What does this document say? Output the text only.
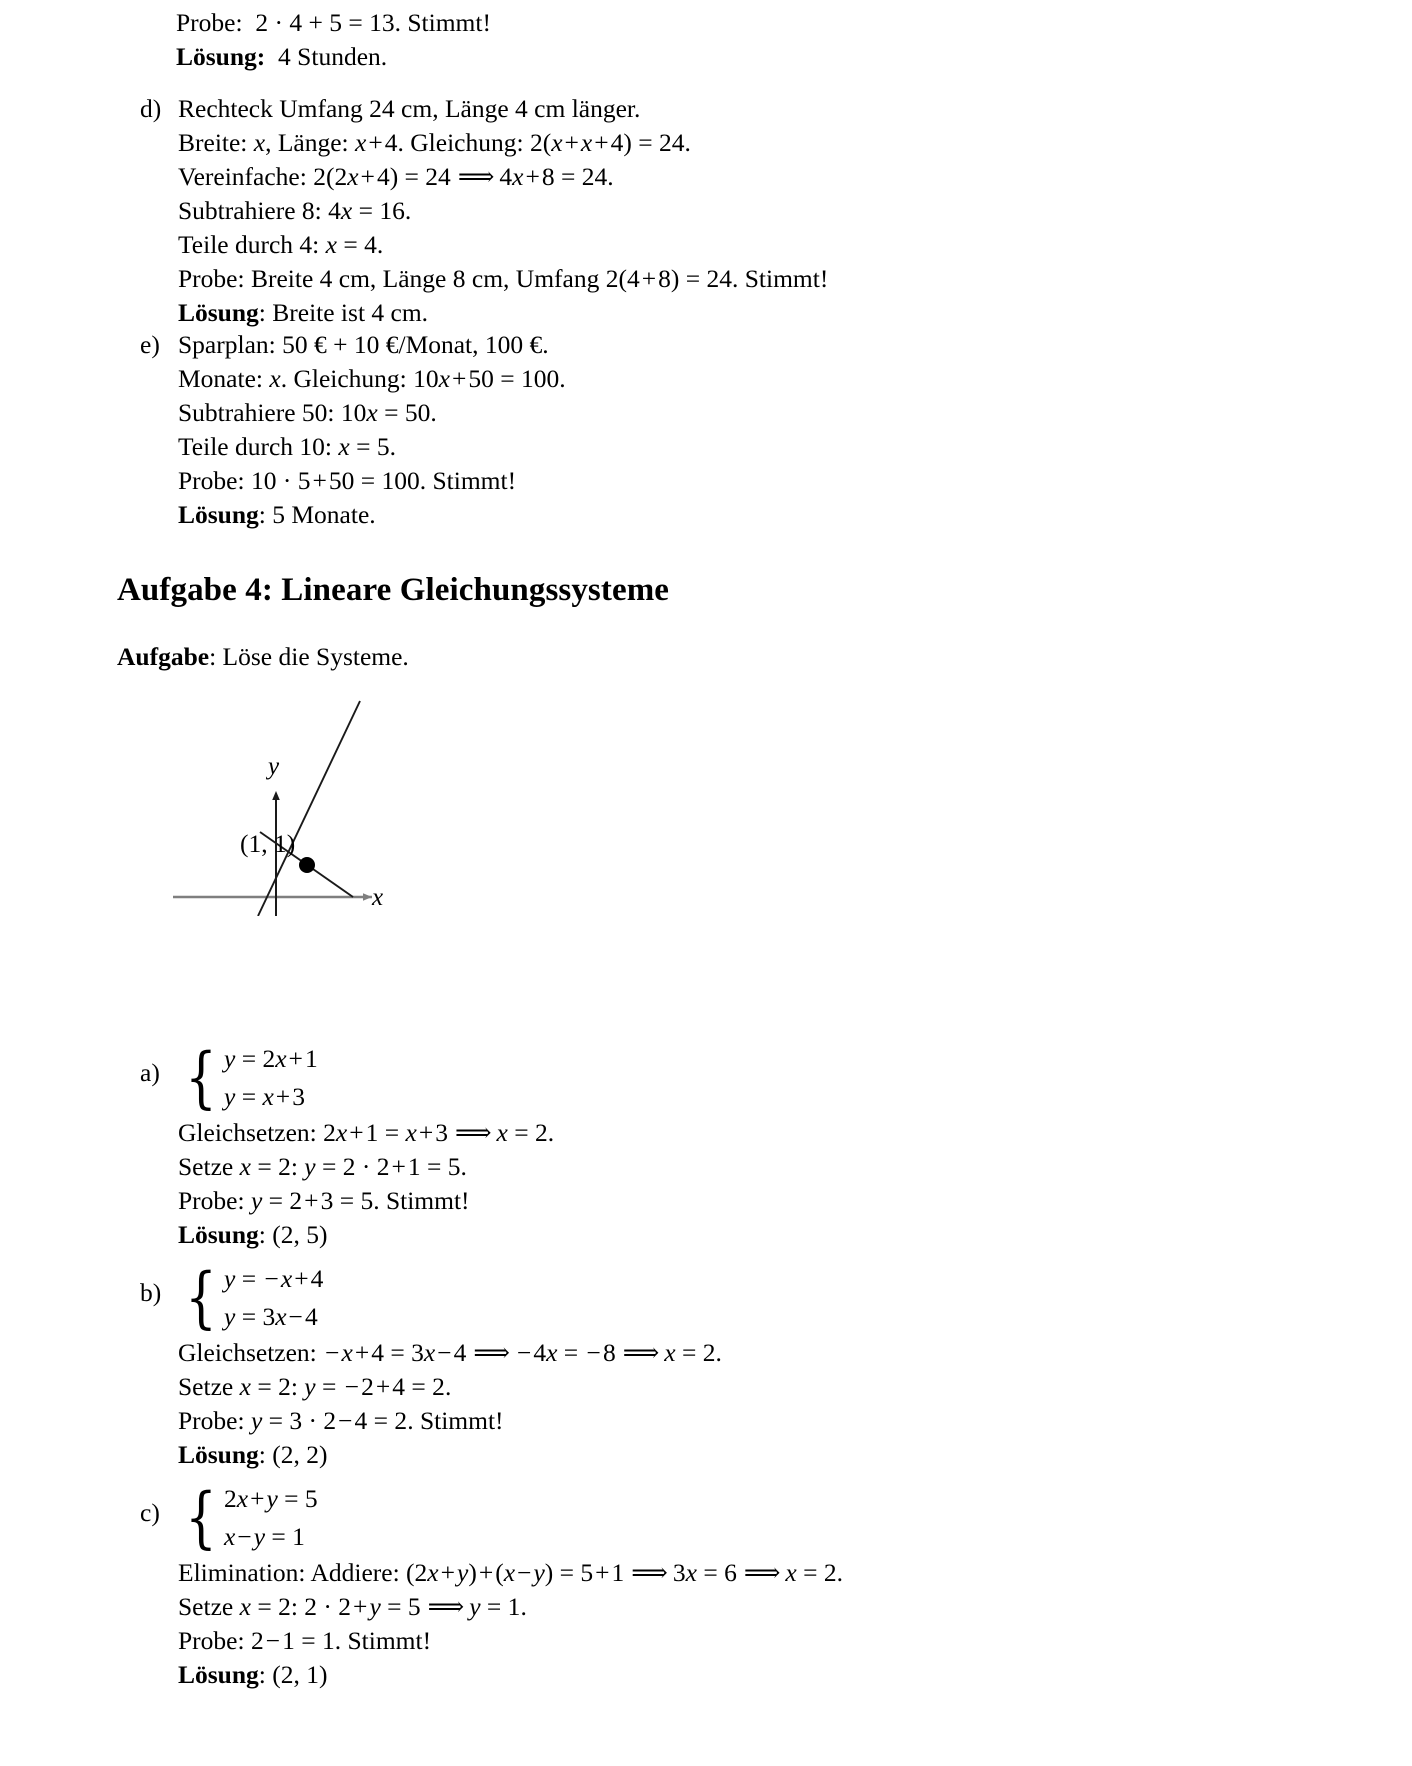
Probe:  2 · 4 + 5 = 13. Stimmt!
Lösung:  4 Stunden.
d) Rechteck Umfang 24 cm, Länge 4 cm länger.
Breite: x, Länge: x+4. Gleichung: 2(x+x+4) = 24.
Vereinfache: 2(2x+4) = 24 ⟹ 4x+8 = 24.
Subtrahiere 8: 4x = 16.
Teile durch 4: x = 4.
Probe: Breite 4 cm, Länge 8 cm, Umfang 2(4+8) = 24. Stimmt!
Lösung: Breite ist 4 cm.
e) Sparplan: 50 € + 10 €/Monat, 100 €.
Monate: x. Gleichung: 10x+50 = 100.
Subtrahiere 50: 10x = 50.
Teile durch 10: x = 5.
Probe: 10 · 5+50 = 100. Stimmt!
Lösung: 5 Monate.
Aufgabe 4: Lineare Gleichungssysteme
Aufgabe: Löse die Systeme.
x
y
(1, 1)
a) { y = 2x+1
y = x+3
Gleichsetzen: 2x+1 = x+3 ⟹ x = 2.
Setze x = 2: y = 2 · 2+1 = 5.
Probe: y = 2+3 = 5. Stimmt!
Lösung: (2, 5)
b) { y = −x+4
y = 3x−4
Gleichsetzen: −x+4 = 3x−4 ⟹ −4x = −8 ⟹ x = 2.
Setze x = 2: y = −2+4 = 2.
Probe: y = 3 · 2−4 = 2. Stimmt!
Lösung: (2, 2)
c) { 2x+y = 5
x−y = 1
Elimination: Addiere: (2x+y)+(x−y) = 5+1 ⟹ 3x = 6 ⟹ x = 2.
Setze x = 2: 2 · 2+y = 5 ⟹ y = 1.
Probe: 2−1 = 1. Stimmt!
Lösung: (2, 1)
